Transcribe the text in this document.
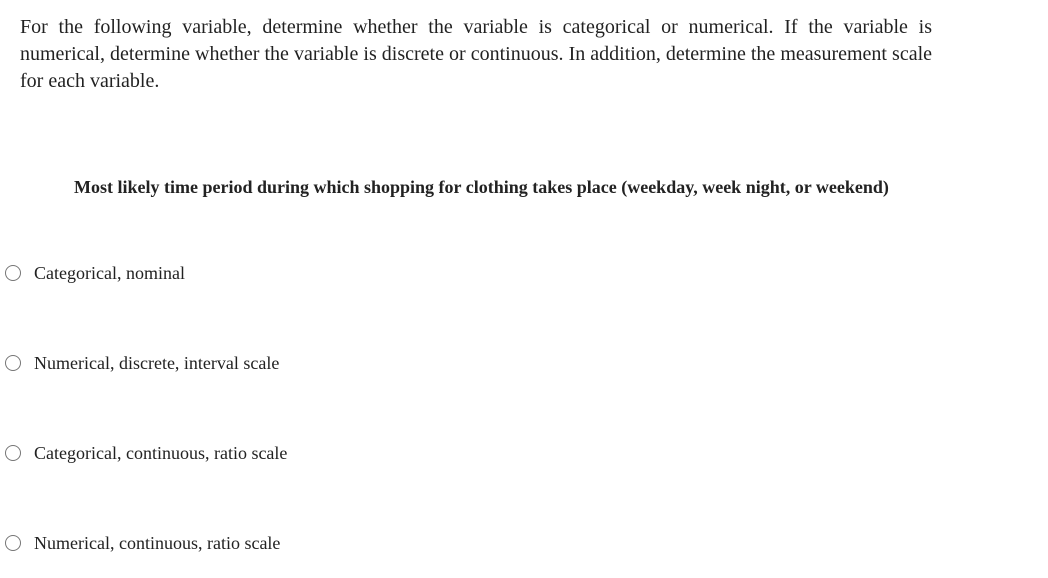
For the following variable, determine whether the variable is categorical or numerical. If the variable is numerical, determine whether the variable is discrete or continuous. In addition, determine the measurement scale for each variable.

Most likely time period during which shopping for clothing takes place (weekday, week night, or weekend)

Categorical, nominal
Numerical, discrete, interval scale
Categorical, continuous, ratio scale
Numerical, continuous, ratio scale
